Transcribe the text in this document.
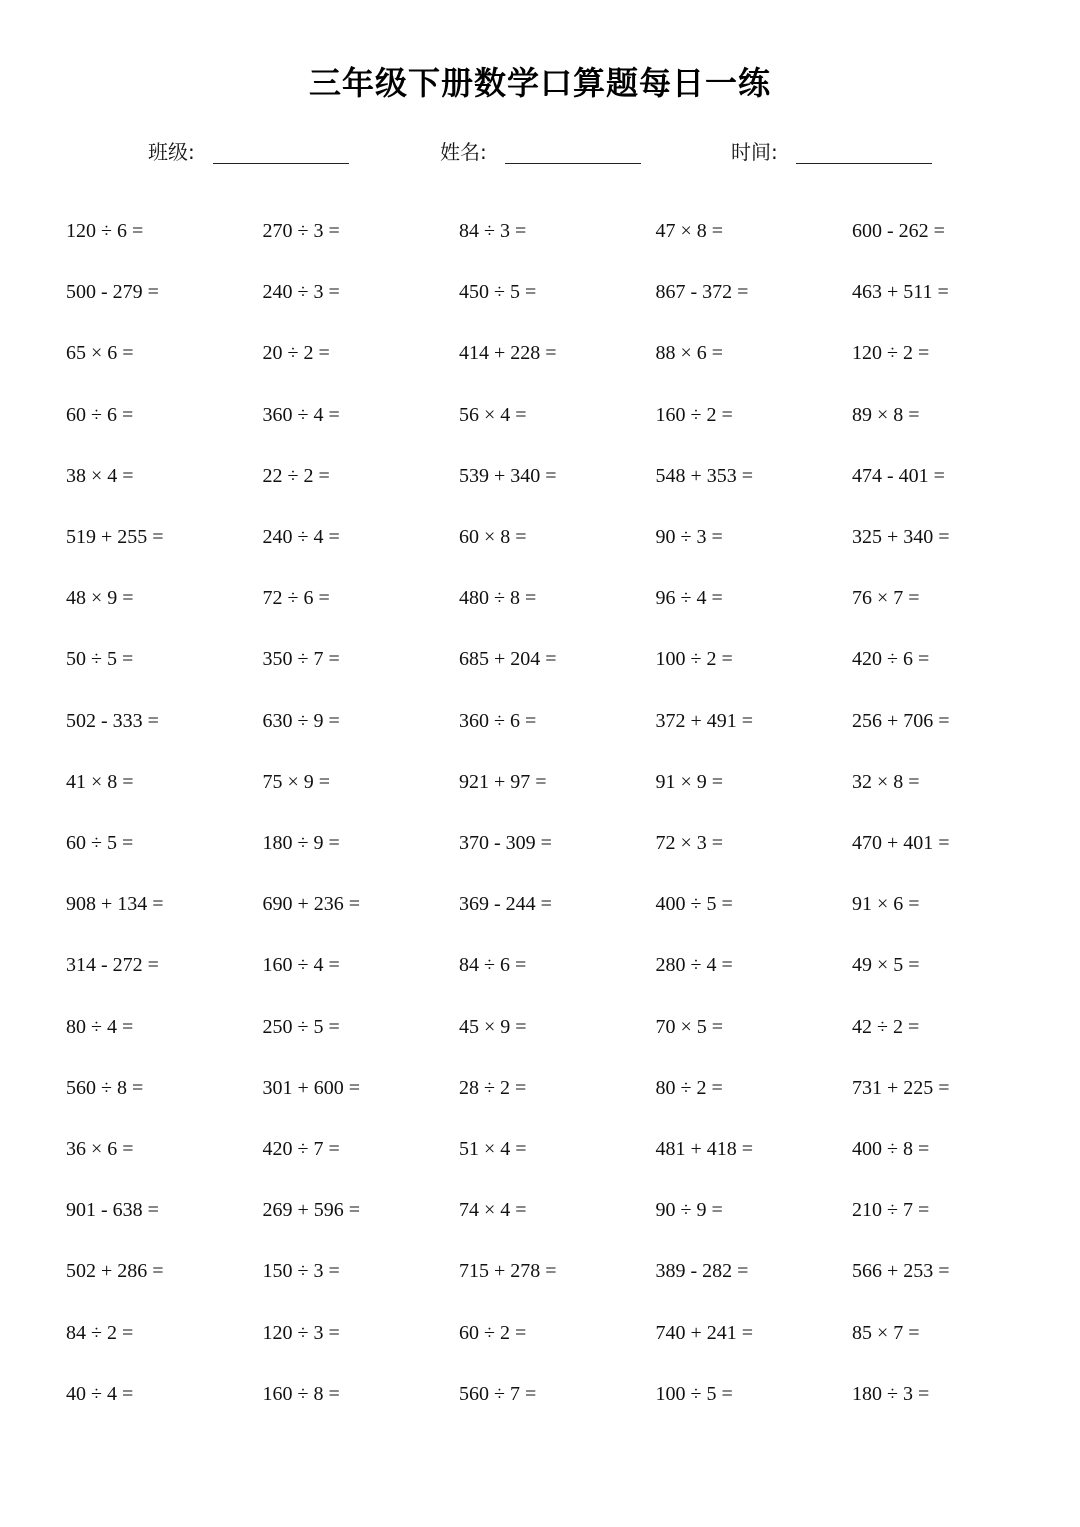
三年级下册数学口算题每日一练
班级:	姓名:	时间:
120 ÷ 6 =	270 ÷ 3 =	84 ÷ 3 =	47 × 8 =	600 - 262 =
500 - 279 =	240 ÷ 3 =	450 ÷ 5 =	867 - 372 =	463 + 511 =
65 × 6 =	20 ÷ 2 =	414 + 228 =	88 × 6 =	120 ÷ 2 =
60 ÷ 6 =	360 ÷ 4 =	56 × 4 =	160 ÷ 2 =	89 × 8 =
38 × 4 =	22 ÷ 2 =	539 + 340 =	548 + 353 =	474 - 401 =
519 + 255 =	240 ÷ 4 =	60 × 8 =	90 ÷ 3 =	325 + 340 =
48 × 9 =	72 ÷ 6 =	480 ÷ 8 =	96 ÷ 4 =	76 × 7 =
50 ÷ 5 =	350 ÷ 7 =	685 + 204 =	100 ÷ 2 =	420 ÷ 6 =
502 - 333 =	630 ÷ 9 =	360 ÷ 6 =	372 + 491 =	256 + 706 =
41 × 8 =	75 × 9 =	921 + 97 =	91 × 9 =	32 × 8 =
60 ÷ 5 =	180 ÷ 9 =	370 - 309 =	72 × 3 =	470 + 401 =
908 + 134 =	690 + 236 =	369 - 244 =	400 ÷ 5 =	91 × 6 =
314 - 272 =	160 ÷ 4 =	84 ÷ 6 =	280 ÷ 4 =	49 × 5 =
80 ÷ 4 =	250 ÷ 5 =	45 × 9 =	70 × 5 =	42 ÷ 2 =
560 ÷ 8 =	301 + 600 =	28 ÷ 2 =	80 ÷ 2 =	731 + 225 =
36 × 6 =	420 ÷ 7 =	51 × 4 =	481 + 418 =	400 ÷ 8 =
901 - 638 =	269 + 596 =	74 × 4 =	90 ÷ 9 =	210 ÷ 7 =
502 + 286 =	150 ÷ 3 =	715 + 278 =	389 - 282 =	566 + 253 =
84 ÷ 2 =	120 ÷ 3 =	60 ÷ 2 =	740 + 241 =	85 × 7 =
40 ÷ 4 =	160 ÷ 8 =	560 ÷ 7 =	100 ÷ 5 =	180 ÷ 3 =
